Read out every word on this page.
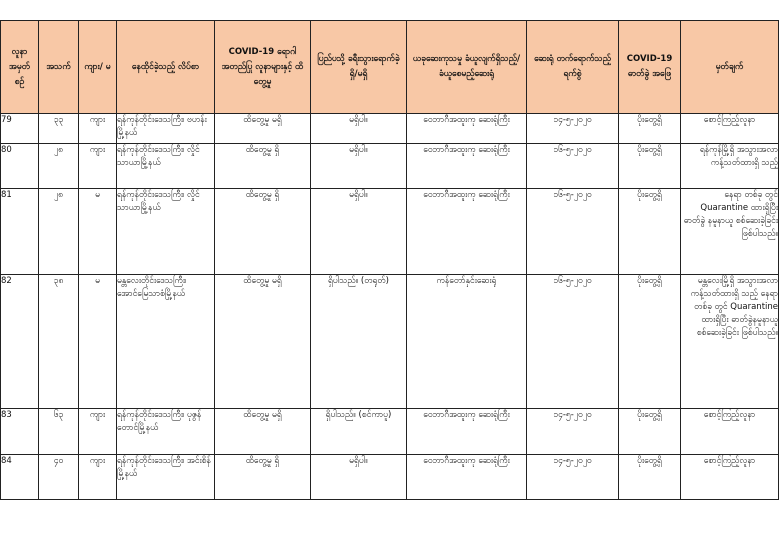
လူနာ အမှတ် စဉ်	အသက်	ကျား/ မ	နေထိုင်ခဲ့သည့် လိပ်စာ	COVID-19 ရောဂါအတည်ပြု လူနာများနှင့် ထိတွေ့မှု	ပြည်ပသို့ ခရီးသွားရောက်ခဲ့ ရှိ/မရှိ	ယခုဆေးကုသမှု ခံယူလျက်ရှိသည့်/ ခံယူစေမည့်ဆေးရုံ	ဆေးရုံ တက်ရောက်သည့် ရက်စွဲ	COVID-19 ဓာတ်ခွဲ အဖြေ	မှတ်ချက်
79	၃၃	ကျား	ရန်ကုန်တိုင်းဒေသကြီး၊ ဗဟန်းမြို့နယ်	ထိတွေ့မှု မရှိ	မရှိပါ။	ဝေဘာဂီအထူးကု ဆေးရုံကြီး	၁၄-၅-၂၀၂၀	ပိုးတွေ့ရှိ	စောင့်ကြည့်လူနာ
80	၂၈	ကျား	ရန်ကုန်တိုင်းဒေသကြီး၊ လှိုင်သာယာမြို့နယ်	ထိတွေ့မှု ရှိ	မရှိပါ။	ဝေဘာဂီအထူးကု ဆေးရုံကြီး	၁၆-၅-၂၀၂၀	ပိုးတွေ့ရှိ	ရန်ကုန်မြို့ရှိ အသွားအလာ ကန့်သတ်ထားရှိ သည့်
81	၂၈	မ	ရန်ကုန်တိုင်းဒေသကြီး၊ လှိုင်သာယာမြို့နယ်	ထိတွေ့မှု ရှိ	မရှိပါ။	ဝေဘာဂီအထူးကု ဆေးရုံကြီး	၁၆-၅-၂၀၂၀	ပိုးတွေ့ရှိ	နေရာ တစ်ခု တွင် Quarantine ထားရှိပြီး ဓာတ်ခွဲ နမူနာယူ စစ်ဆေးခဲ့ခြင်း ဖြစ်ပါသည်။
82	၃၈	မ	မန္တလေးတိုင်းဒေသကြီး၊ အောင်မြေသာစံမြို့နယ်	ထိတွေ့မှု မရှိ	ရှိပါသည်။ (တရုတ်)	ကန်တော်နှင်းဆေးရုံ	၁၆-၅-၂၀၂၀	ပိုးတွေ့ရှိ	မန္တလေးမြို့ရှိ အသွားအလာ ကန့်သတ်ထားရှိ သည့် နေရာ တစ်ခု တွင် Quarantine ထားရှိပြီး ဓာတ်ခွဲနမူနာယူ စစ်ဆေးခဲ့ခြင်း ဖြစ်ပါသည်။
83	၆၃	ကျား	ရန်ကုန်တိုင်းဒေသကြီး၊ ပုဇွန်တောင်မြို့နယ်	ထိတွေ့မှု မရှိ	ရှိပါသည်။ (စင်ကာပူ)	ဝေဘာဂီအထူးကု ဆေးရုံကြီး	၁၄-၅-၂၀၂၀	ပိုးတွေ့ရှိ	စောင့်ကြည့်လူနာ
84	၄၀	ကျား	ရန်ကုန်တိုင်းဒေသကြီး၊ အင်းစိန်မြို့နယ်	ထိတွေ့မှု ရှိ	မရှိပါ။	ဝေဘာဂီအထူးကု ဆေးရုံကြီး	၁၄-၅-၂၀၂၀	ပိုးတွေ့ရှိ	စောင့်ကြည့်လူနာ
